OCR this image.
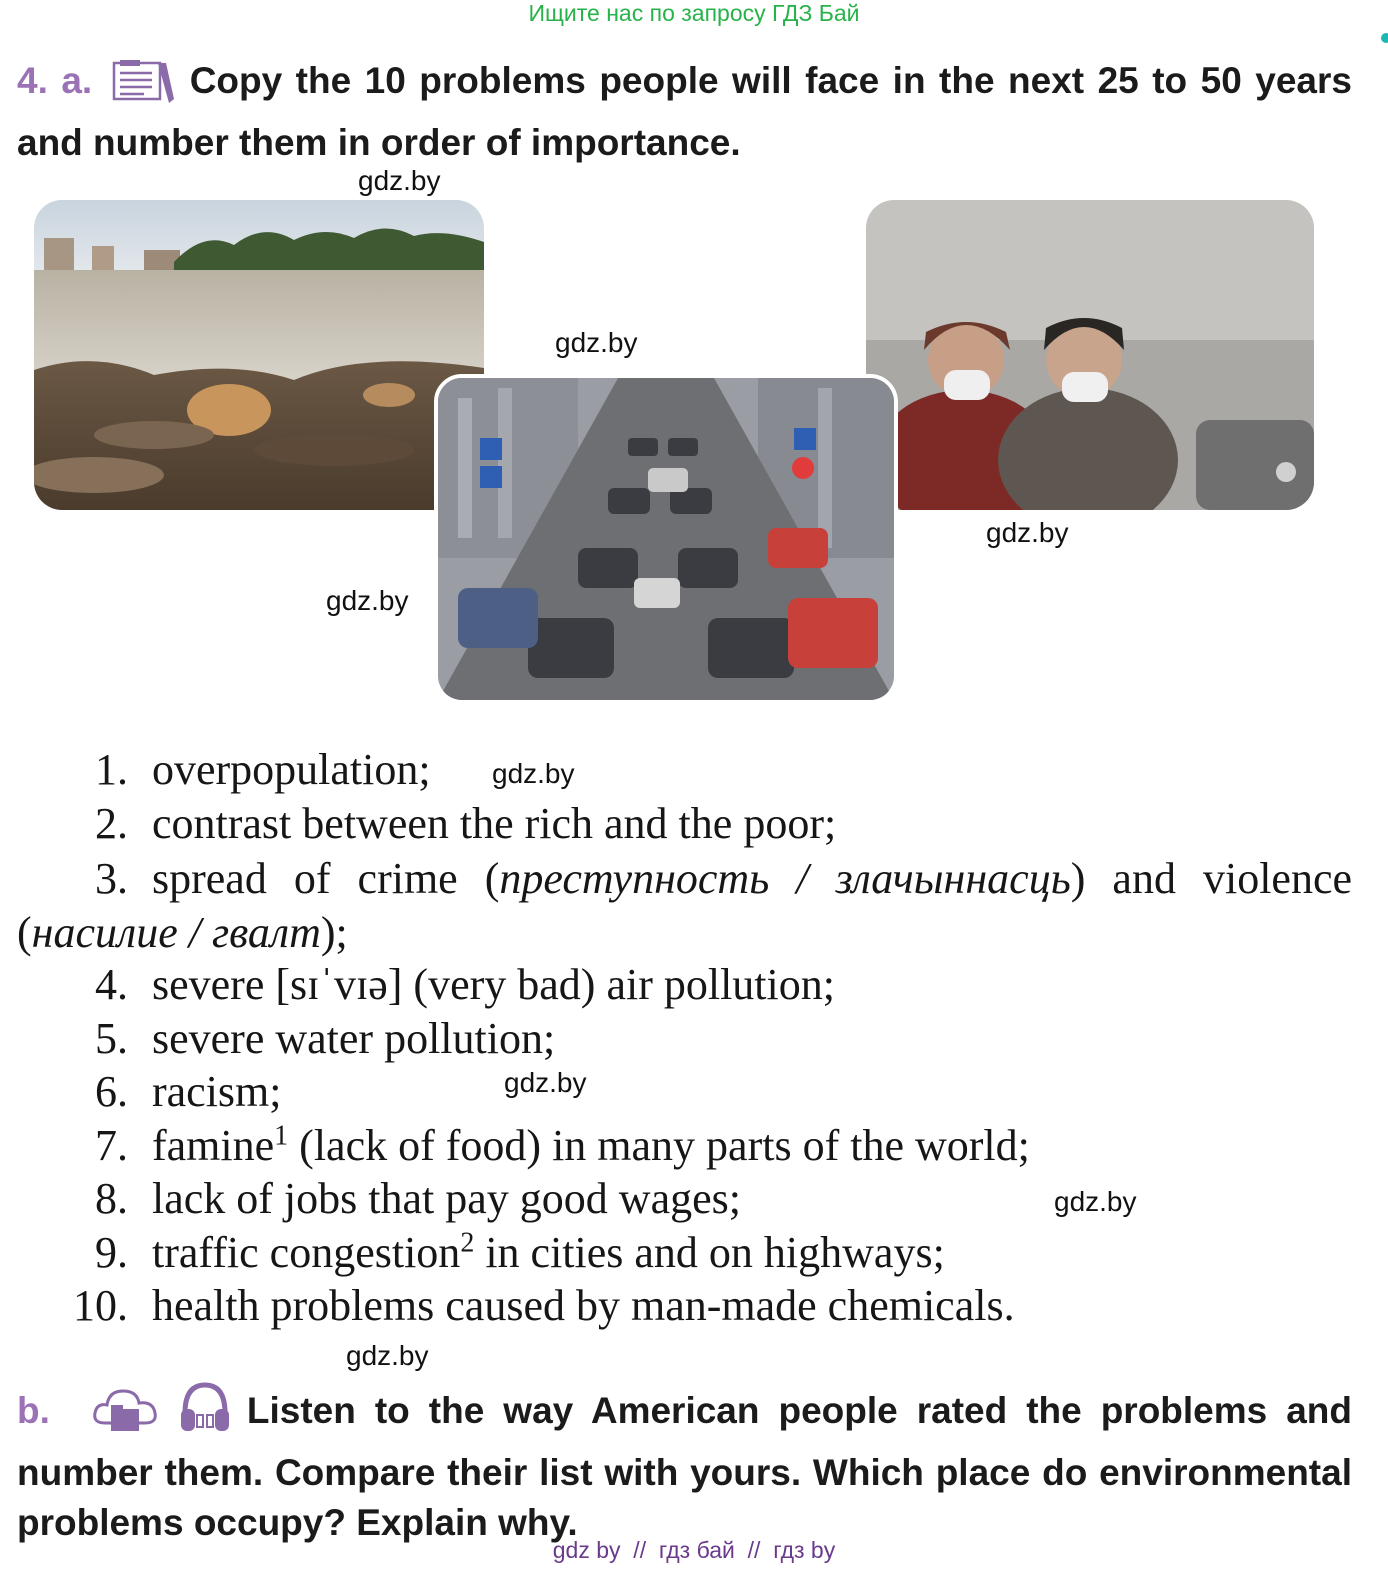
Ищите нас по запросу ГДЗ Бай
4. a.	Copy the 10 problems people will face in the next 25 to 50 years and number them in order of importance.
gdz.by
gdz.by
gdz.by
gdz.by
1. overpopulation;
2. contrast between the rich and the poor;
3. spread of crime (преступность / злачыннасць) and violence (насилие / гвалт);
4. severe [sɪˈvɪə] (very bad) air pollution;
5. severe water pollution;
6. racism;
7. famine$^1$ (lack of food) in many parts of the world;
8. lack of jobs that pay good wages;
9. traffic congestion$^2$ in cities and on highways;
10. health problems caused by man-made chemicals.
gdz.by
gdz.by
gdz.by
gdz.by
b.	Listen to the way American people rated the problems and number them. Compare their list with yours. Which place do environmental problems occupy? Explain why.
gdz by  //  гдз бай  //  гдз by
